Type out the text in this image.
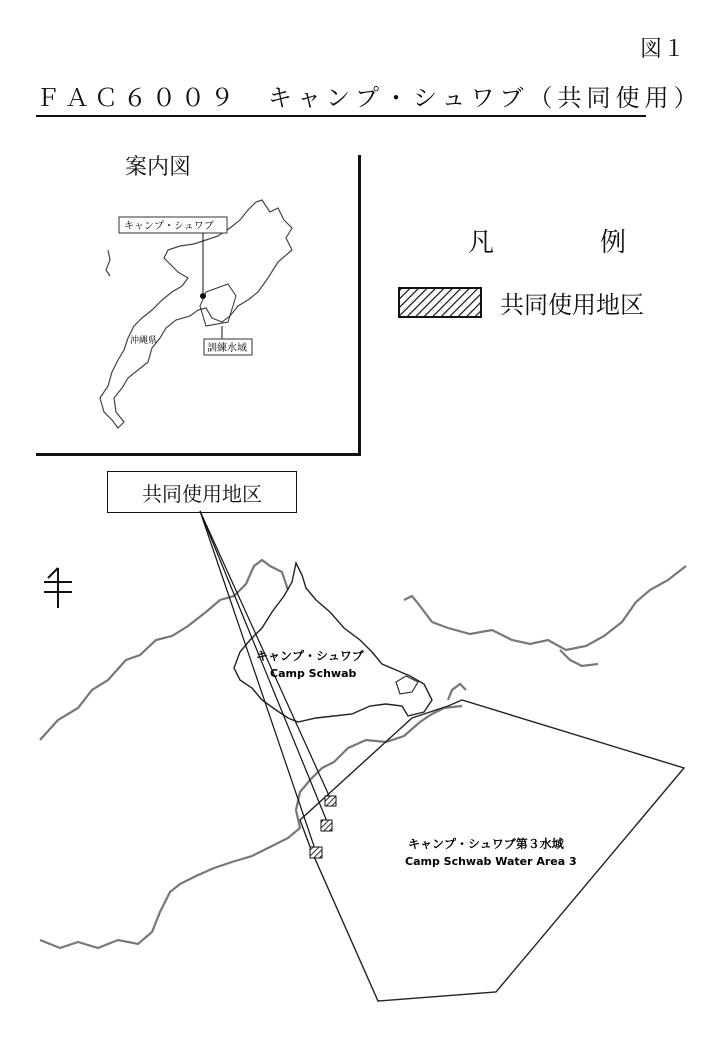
図１
ＦＡＣ６００９　キャンプ・シュワブ（共同使用）
案内図
凡　例
共同使用地区
共同使用地区
キャンプ・シュワブ
沖縄県
訓練水域
キャンプ・シュワブ
Camp Schwab
キャンプ・シュワブ第３水域
Camp Schwab Water Area 3
